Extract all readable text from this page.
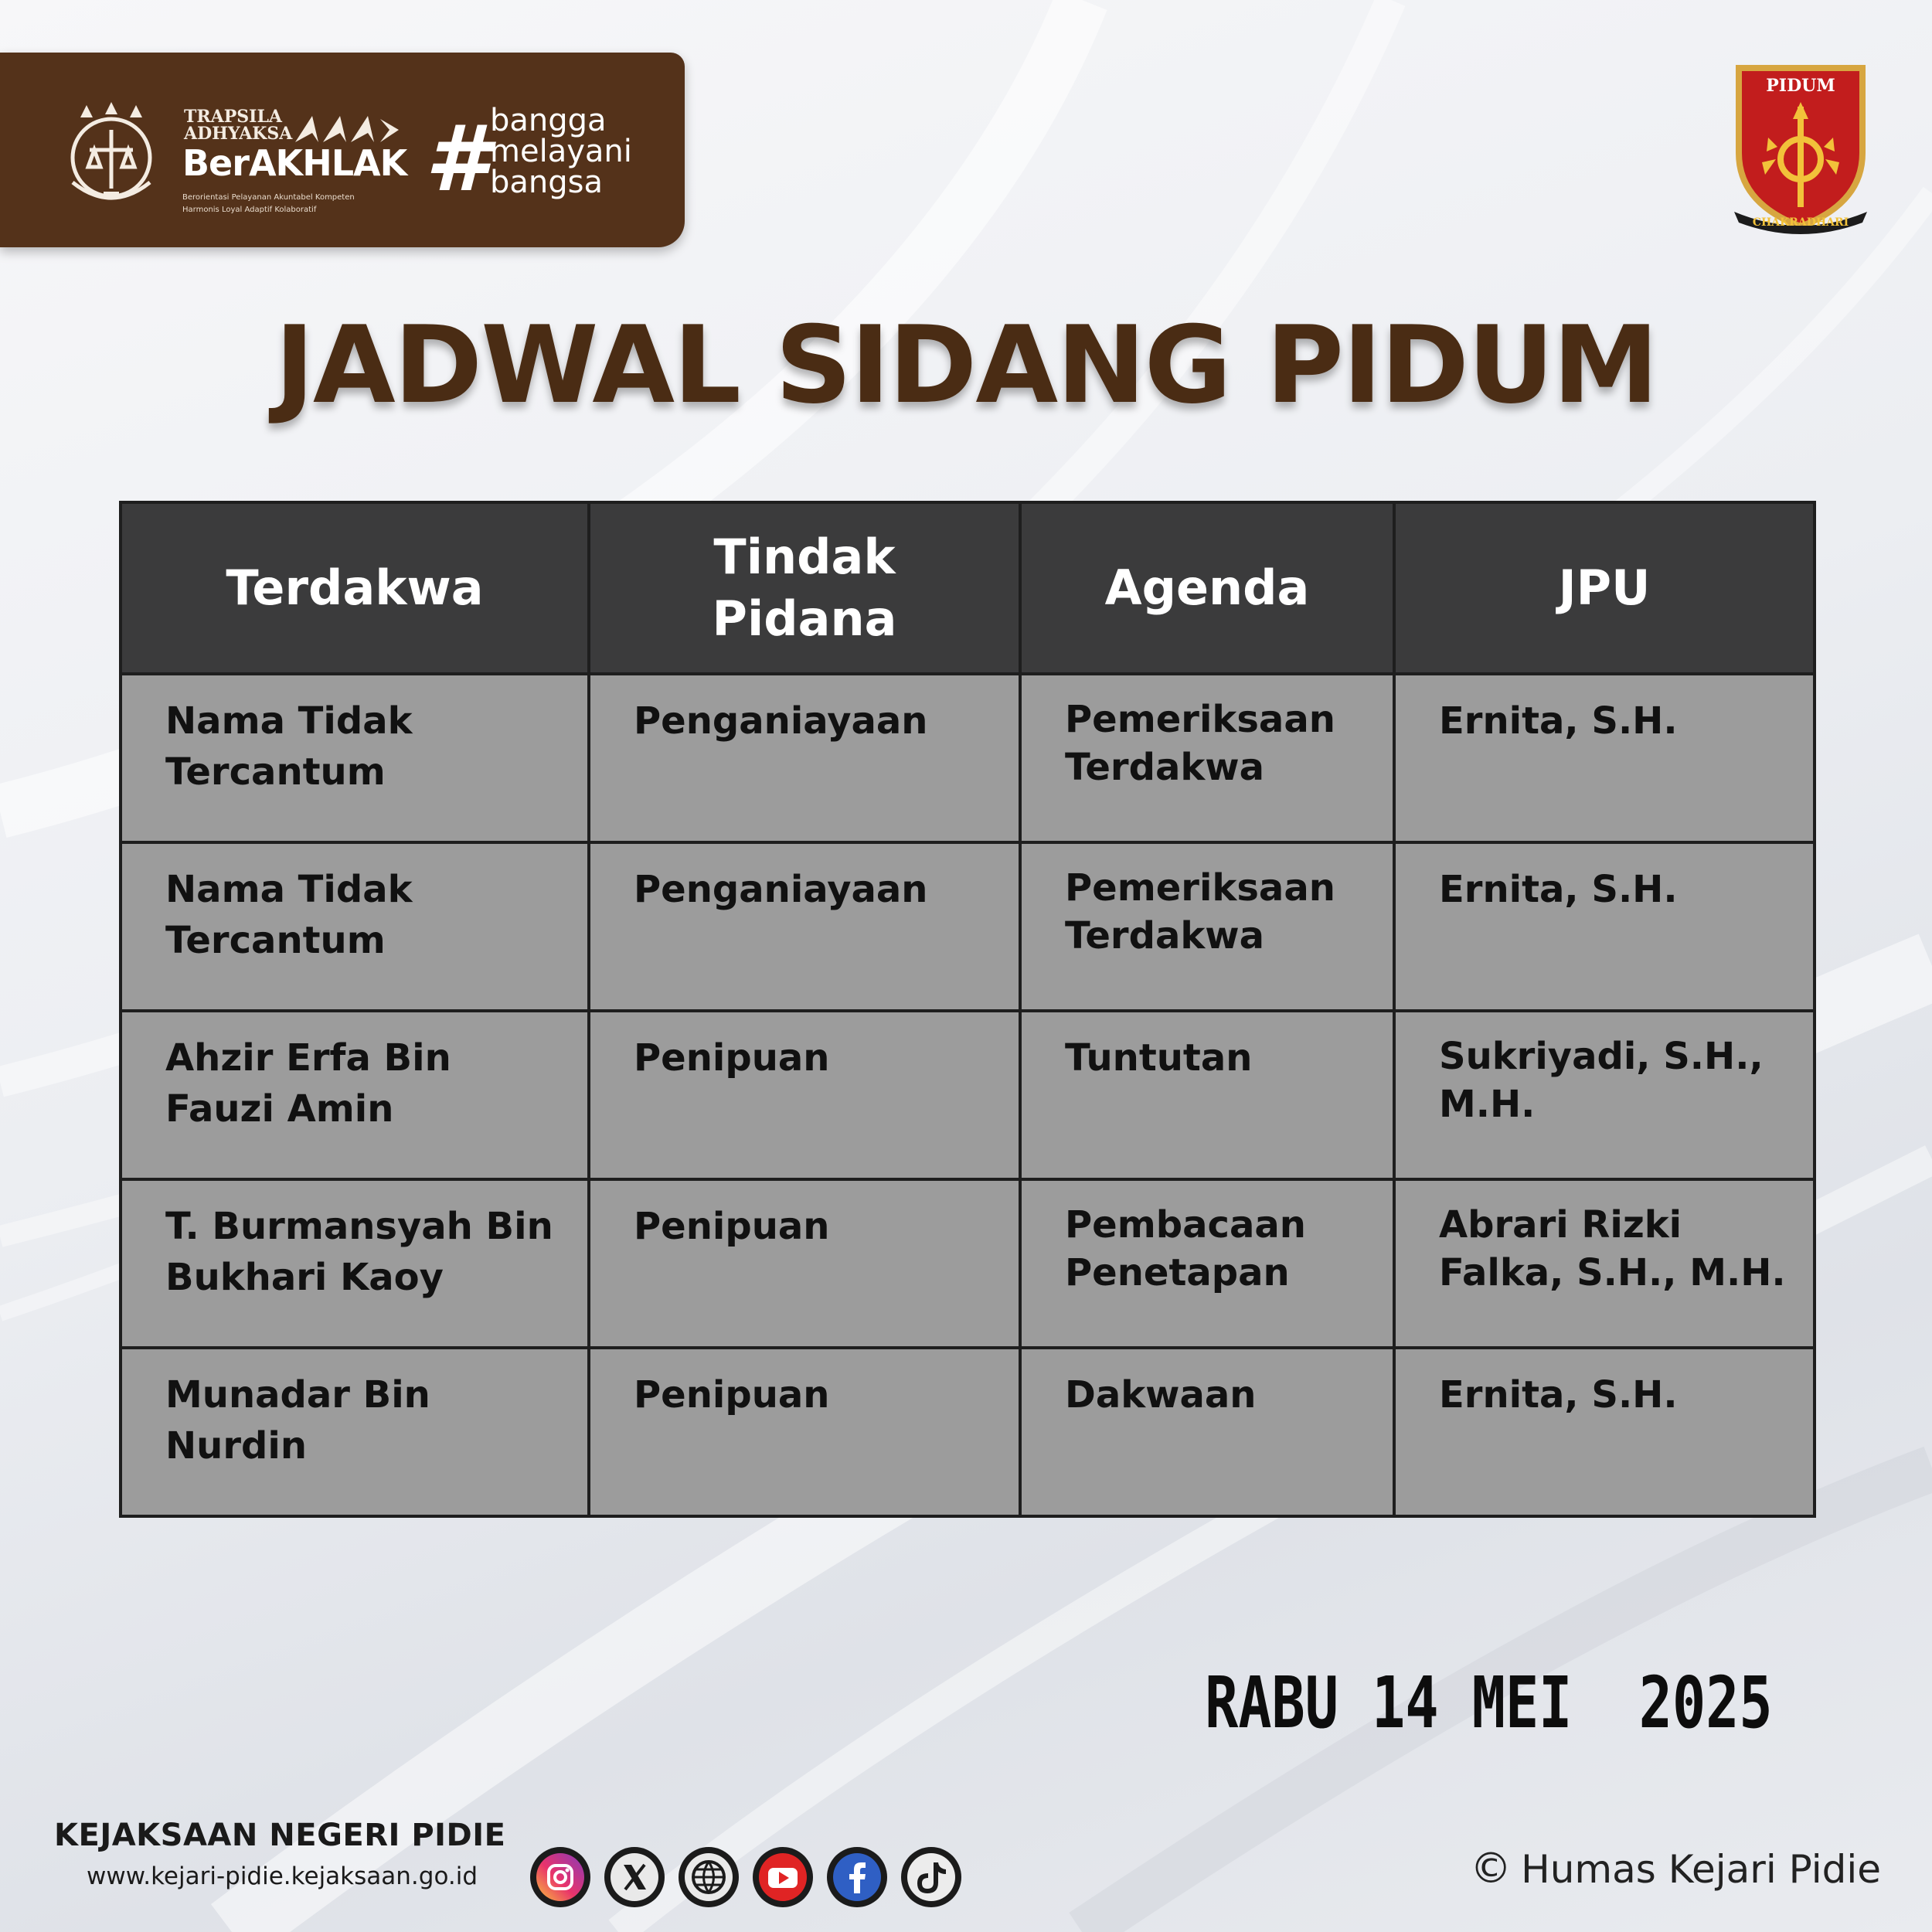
TRAPSILA
ADHYAKSA
BerAKHLAK
Berorientasi Pelayanan Akuntabel Kompeten
Harmonis Loyal Adaptif Kolaboratif # bangga
melayani
bangsa
PIDUM
CHAKRADHARI
JADWAL SIDANG PIDUM
Terdakwa	Tindak Pidana	Agenda	JPU
Nama Tidak Tercantum	Penganiayaan	Pemeriksaan Terdakwa	Ernita, S.H.
Nama Tidak Tercantum	Penganiayaan	Pemeriksaan Terdakwa	Ernita, S.H.
Ahzir Erfa Bin Fauzi Amin	Penipuan	Tuntutan	Sukriyadi, S.H., M.H.

T. Burmansyah Bin Bukhari Kaoy	Penipuan	Pembacaan Penetapan	Abrari Rizki Falka, S.H., M.H.

Munadar Bin Nurdin	Penipuan	Dakwaan	Ernita, S.H.
RABU 14 MEI  2025
KEJAKSAAN NEGERI PIDIE
www.kejari-pidie.kejaksaan.go.id	© Humas Kejari Pidie
